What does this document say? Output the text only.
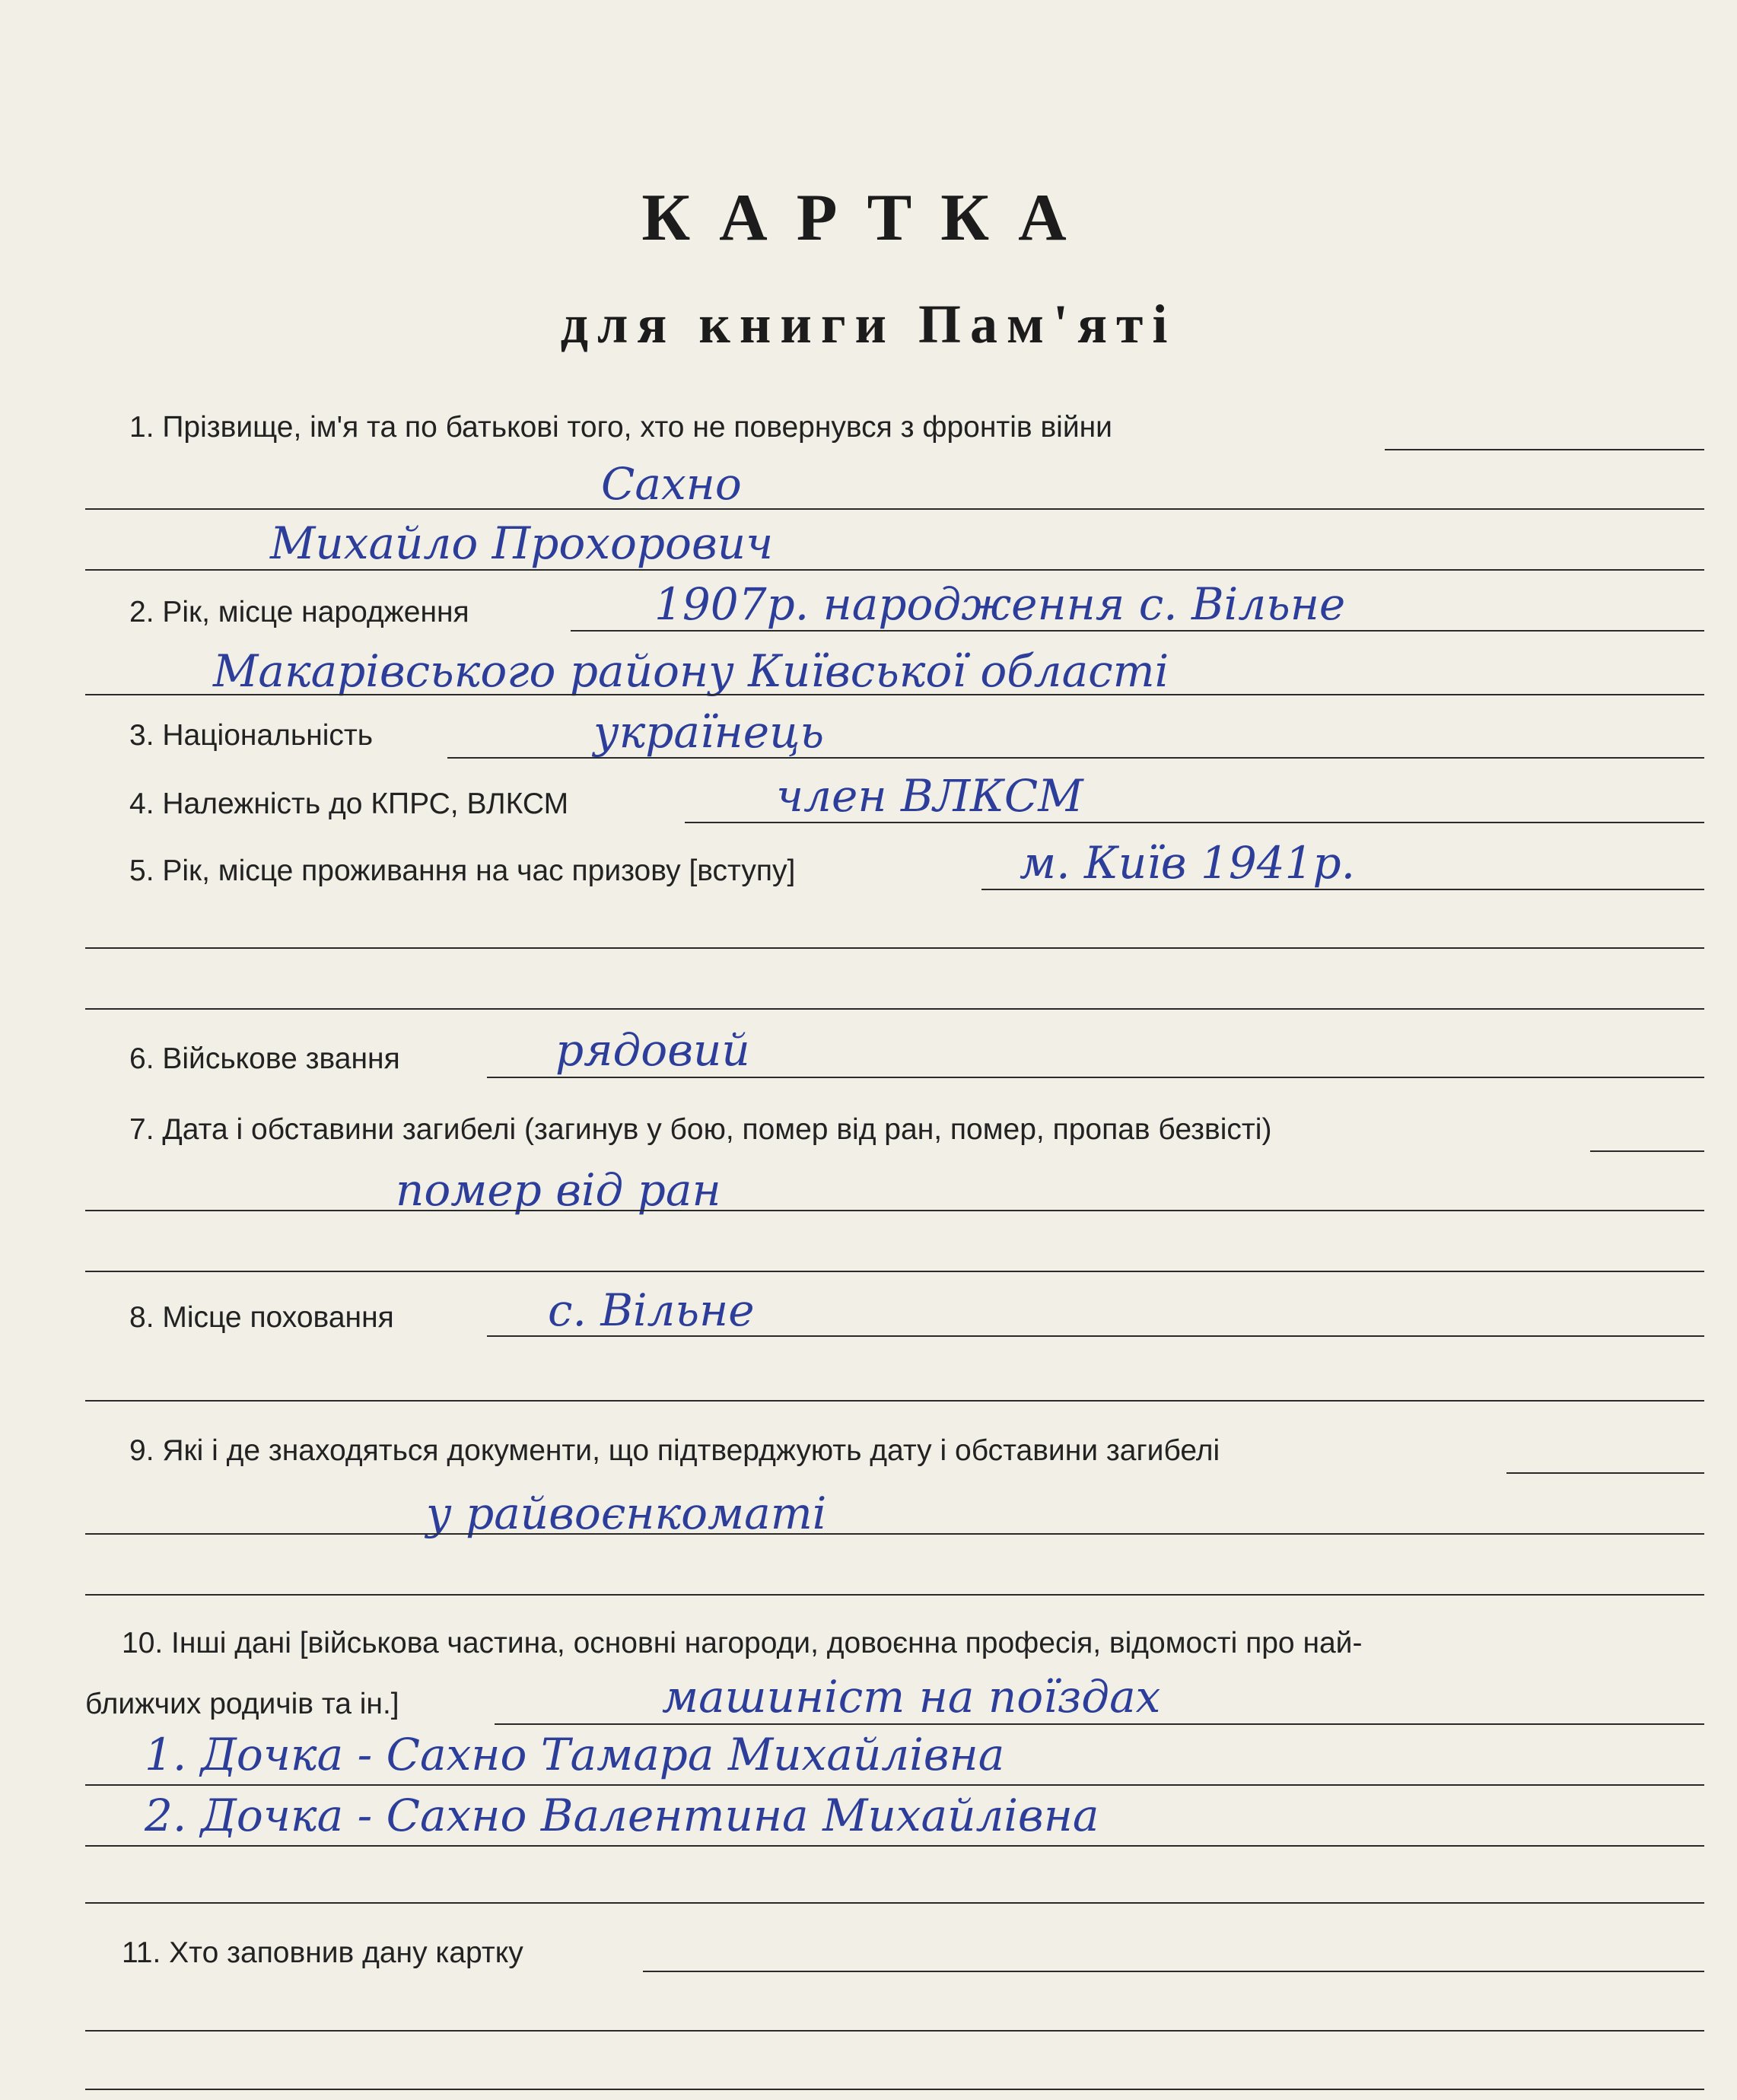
КАРТКА
для книги Пам'яті
1. Прізвище, ім'я та по батькові того, хто не повернувся з фронтів війни
Сахно
Михайло Прохорович
2. Рік, місце народження	1907р. народження с. Вільне
Макарівського району Київської області
3. Національність	українець
4. Належність до КПРС, ВЛКСМ	член ВЛКСМ
5. Рік, місце проживання на час призову [вступу]	м. Київ 1941р.
6. Військове звання	рядовий
7. Дата і обставини загибелі (загинув у бою, помер від ран, помер, пропав безвісті)
помер від ран
8. Місце поховання	с. Вільне
9. Які і де знаходяться документи, що підтверджують дату і обставини загибелі
у райвоєнкоматі
10. Інші дані [військова частина, основні нагороди, довоєнна професія, відомості про най-
ближчих родичів та ін.]	машиніст на поїздах
1. Дочка - Сахно Тамара Михайлівна
2. Дочка - Сахно Валентина Михайлівна
11. Хто заповнив дану картку
